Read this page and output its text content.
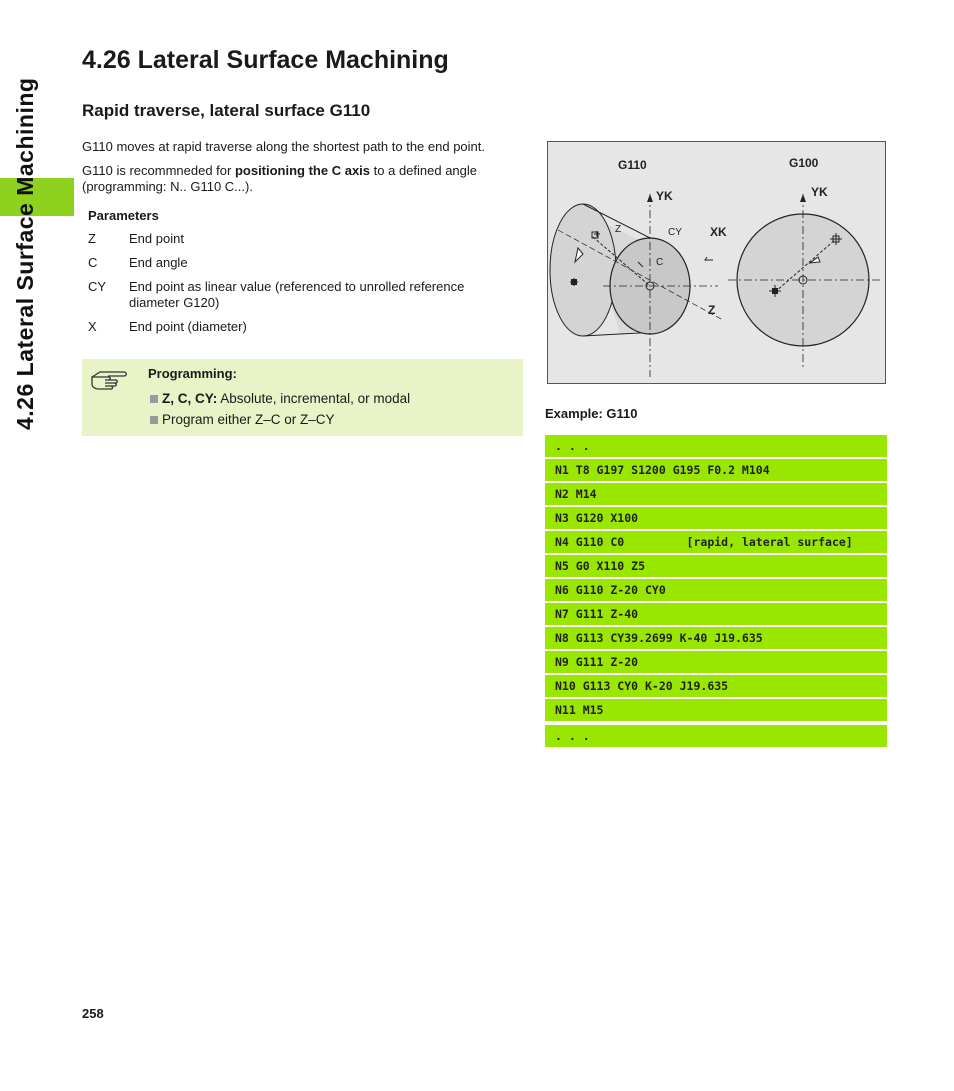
4.26 Lateral Surface Machining
4.26 Lateral Surface Machining
Rapid traverse, lateral surface G110
G110 moves at rapid traverse along the shortest path to the end point.
G110 is recommneded for positioning the C axis to a defined angle (programming: N.. G110 C...).
Parameters
Z	End point
C	End angle
CY	End point as linear value (referenced to unrolled reference diameter G120)
X	End point (diameter)
Programming:
Z, C, CY: Absolute, incremental, or modal
Program either Z–C or Z–CY
G110
YK
XK
Z
Z	CY
C
G100
YK
Example: G110
. . .
N1 T8 G197 S1200 G195 F0.2 M104
N2 M14
N3 G120 X100
N4 G110 C0         [rapid, lateral surface]
N5 G0 X110 Z5
N6 G110 Z-20 CY0
N7 G111 Z-40
N8 G113 CY39.2699 K-40 J19.635
N9 G111 Z-20
N10 G113 CY0 K-20 J19.635
N11 M15
. . .
258
